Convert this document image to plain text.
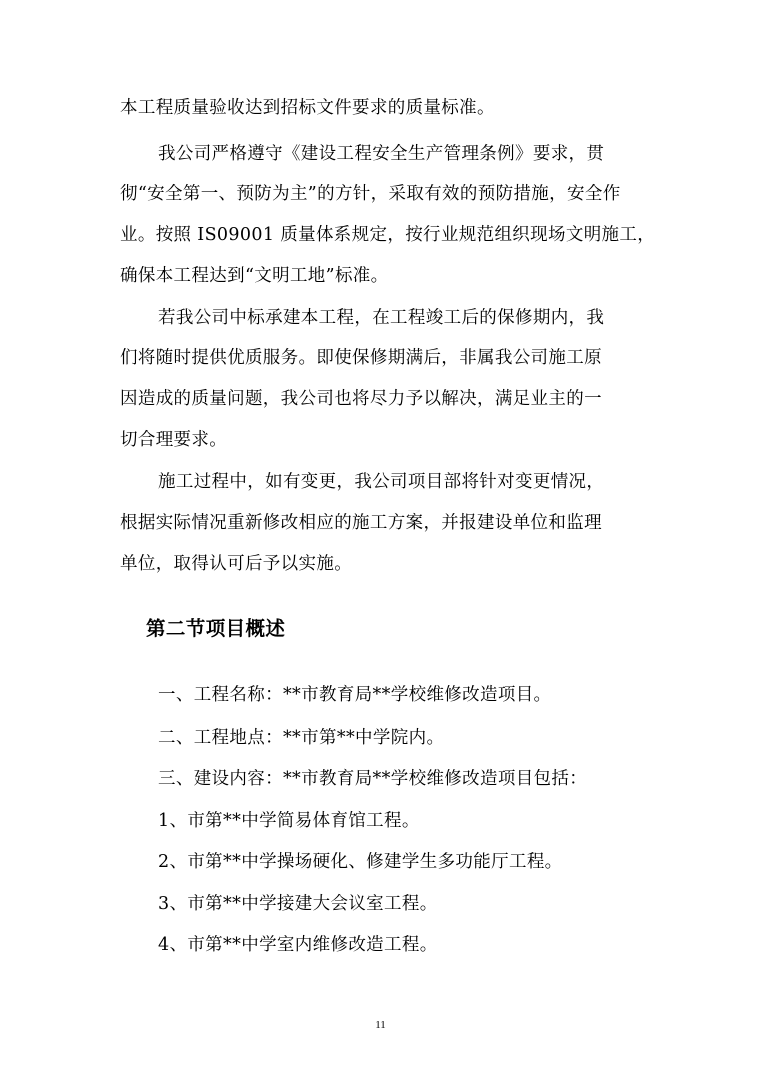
本工程质量验收达到招标文件要求的质量标准。
我公司严格遵守《建设工程安全生产管理条例》要求，贯
彻“安全第一、预防为主”的方针，采取有效的预防措施，安全作
业。按照 IS09001 质量体系规定，按行业规范组织现场文明施工，
确保本工程达到“文明工地”标准。
若我公司中标承建本工程，在工程竣工后的保修期内，我
们将随时提供优质服务。即使保修期满后，非属我公司施工原
因造成的质量问题，我公司也将尽力予以解决，满足业主的一
切合理要求。
施工过程中，如有变更，我公司项目部将针对变更情况，
根据实际情况重新修改相应的施工方案，并报建设单位和监理
单位，取得认可后予以实施。
第二节项目概述
一、工程名称：**市教育局**学校维修改造项目。
二、工程地点：**市第**中学院内。
三、建设内容：**市教育局**学校维修改造项目包括：
1、市第**中学简易体育馆工程。
2、市第**中学操场硬化、修建学生多功能厅工程。
3、市第**中学接建大会议室工程。
4、市第**中学室内维修改造工程。
11
